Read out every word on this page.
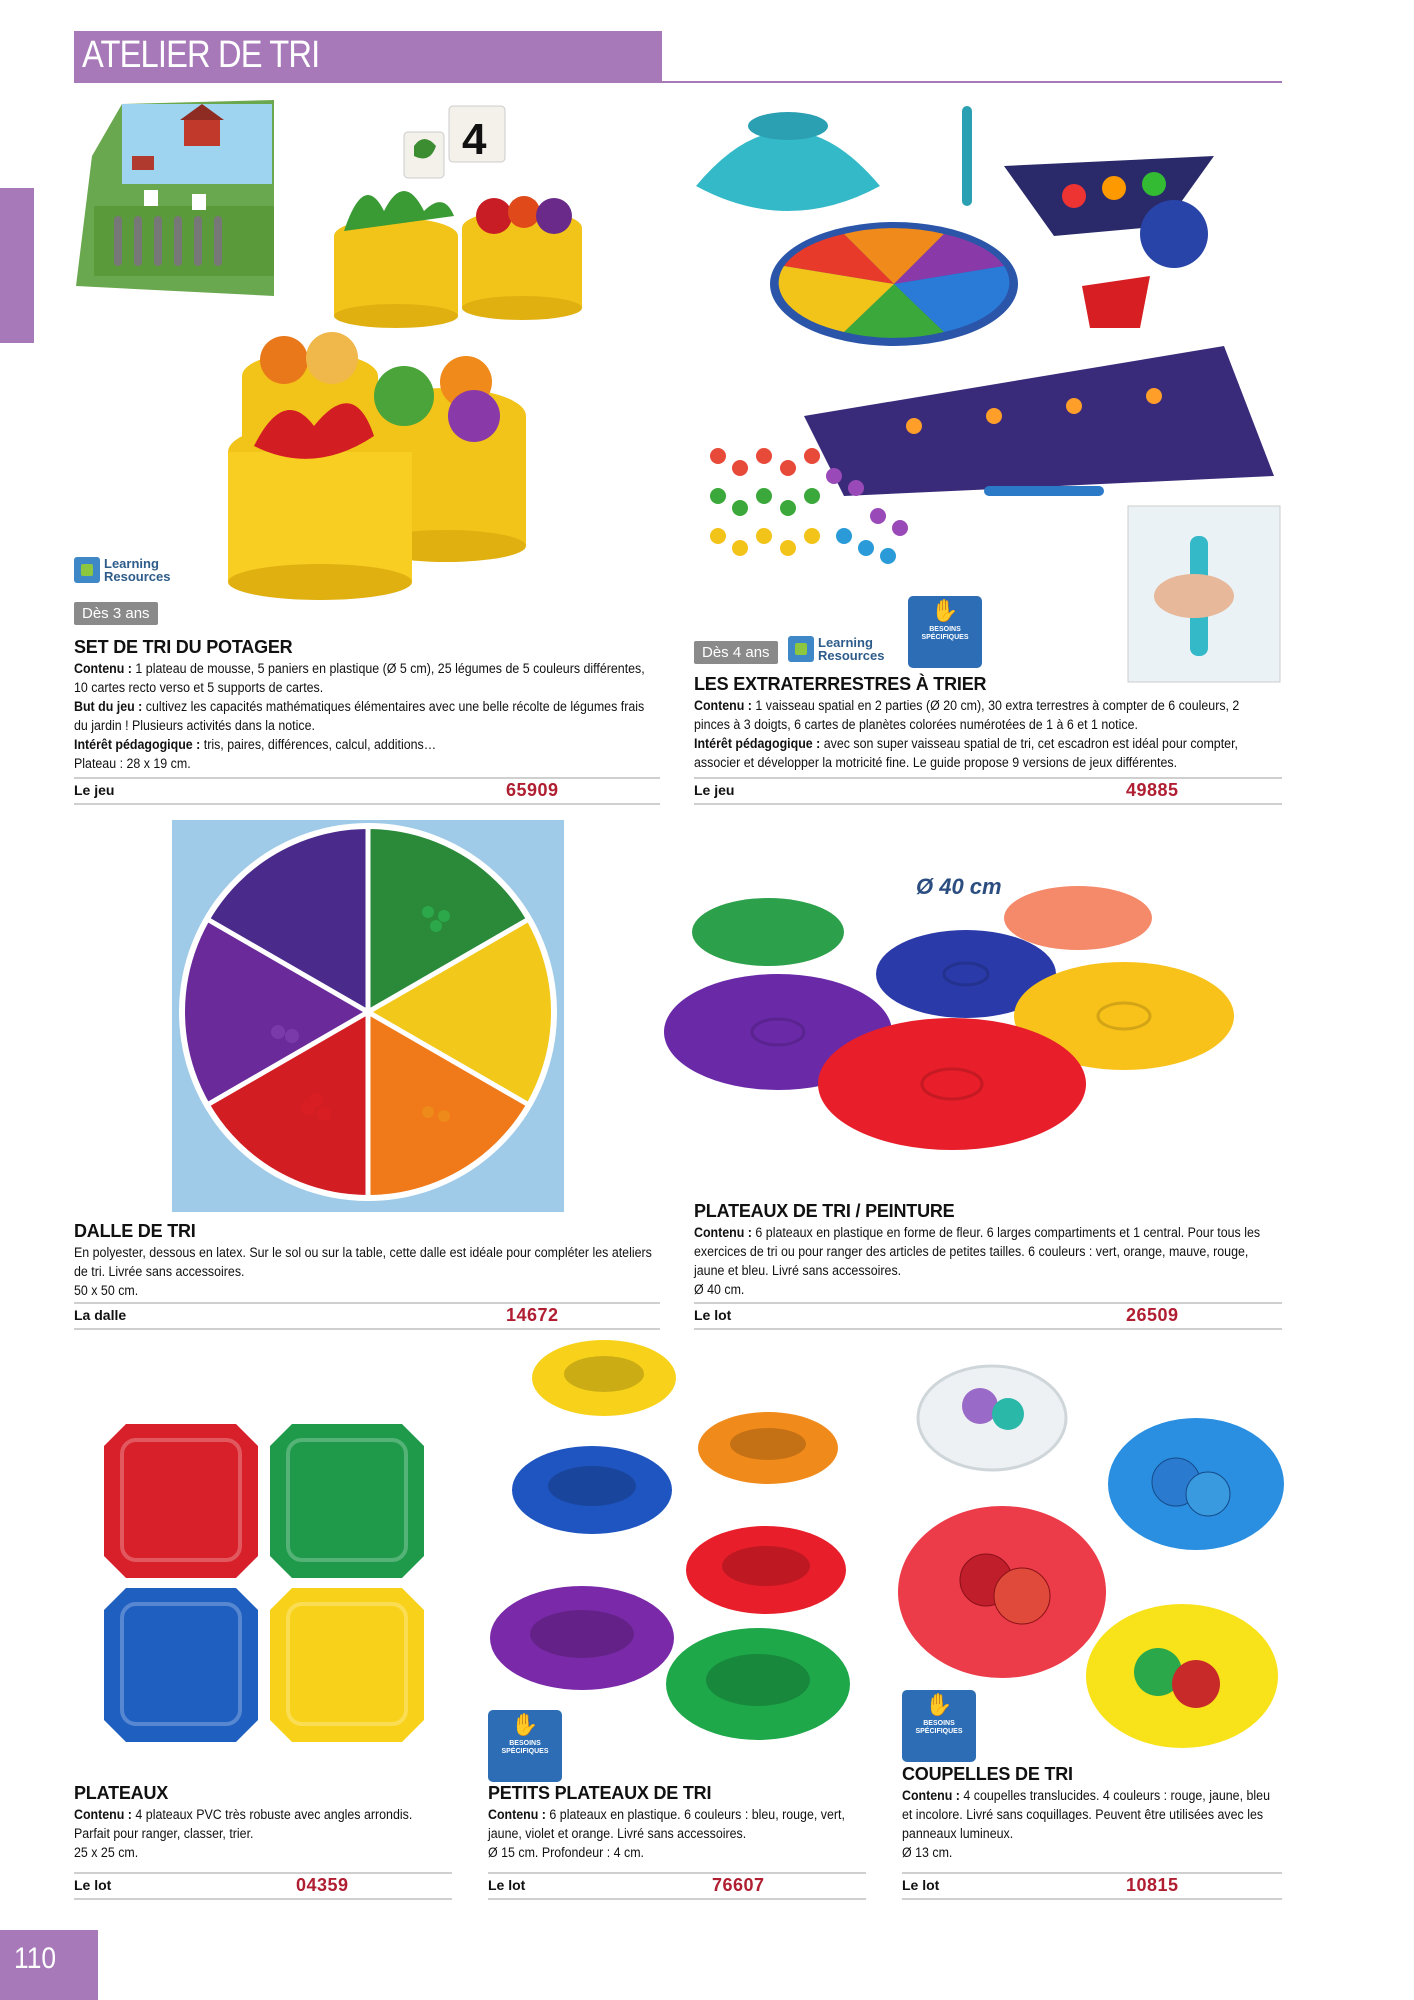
ATELIER DE TRI
4
Learning
Resources
Dès 3 ans
SET DE TRI DU POTAGER
Contenu : 1 plateau de mousse, 5 paniers en plastique (Ø 5 cm), 25 légumes de 5 couleurs différentes, 10 cartes recto verso et 5 supports de cartes.
But du jeu : cultivez les capacités mathématiques élémentaires avec une belle récolte de légumes frais du jardin ! Plusieurs activités dans la notice.
Intérêt pédagogique : tris, paires, différences, calcul, additions…
Plateau : 28 x 19 cm.
Le jeu	65909
Dès 4 ans
Learning
Resources
✋
BESOINS SPÉCIFIQUES
LES EXTRATERRESTRES À TRIER
Contenu : 1 vaisseau spatial en 2 parties (Ø 20 cm), 30 extra terrestres à compter de 6 couleurs, 2 pinces à 3 doigts, 6 cartes de planètes colorées numérotées de 1 à 6 et 1 notice.
Intérêt pédagogique : avec son super vaisseau spatial de tri, cet escadron est idéal pour compter, associer et développer la motricité fine. Le guide propose 9 versions de jeux différentes.
Le jeu	49885
DALLE DE TRI
En polyester, dessous en latex. Sur le sol ou sur la table, cette dalle est idéale pour compléter les ateliers de tri. Livrée sans accessoires.
50 x 50 cm.
La dalle	14672
Ø 40 cm
PLATEAUX DE TRI / PEINTURE
Contenu : 6 plateaux en plastique en forme de fleur. 6 larges compartiments et 1 central. Pour tous les exercices de tri ou pour ranger des articles de petites tailles. 6 couleurs : vert, orange, mauve, rouge, jaune et bleu. Livré sans accessoires.
Ø 40 cm.
Le lot	26509
PLATEAUX
Contenu : 4 plateaux PVC très robuste avec angles arrondis. Parfait pour ranger, classer, trier.
25 x 25 cm.
Le lot	04359
✋
BESOINS SPÉCIFIQUES
PETITS PLATEAUX DE TRI
Contenu : 6 plateaux en plastique. 6 couleurs : bleu, rouge, vert, jaune, violet et orange. Livré sans accessoires.
Ø 15 cm. Profondeur : 4 cm.
Le lot	76607
✋
BESOINS SPÉCIFIQUES
COUPELLES DE TRI
Contenu : 4 coupelles translucides. 4 couleurs : rouge, jaune, bleu et incolore. Livré sans coquillages. Peuvent être utilisées avec les panneaux lumineux.
Ø 13 cm.
Le lot	10815
110
